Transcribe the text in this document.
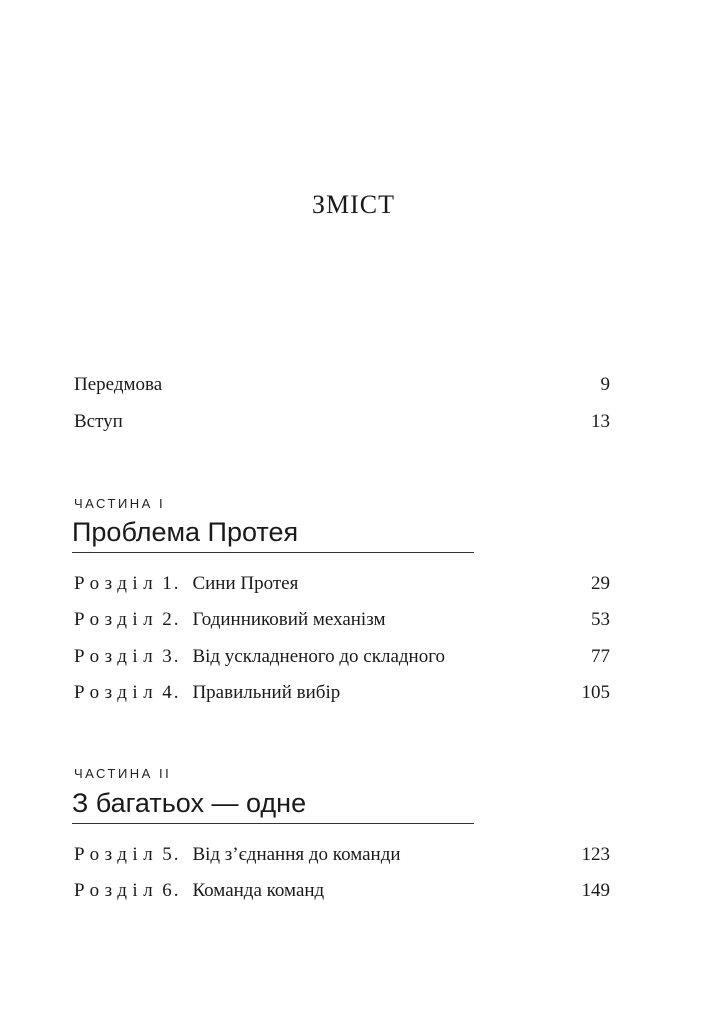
ЗМІСТ
Передмова	9
Вступ	13
ЧАСТИНА I
Проблема Протея
Розділ 1. Сини Протея	29
Розділ 2. Годинниковий механізм	53
Розділ 3. Від ускладненого до складного	77
Розділ 4. Правильний вибір	105
ЧАСТИНА II
З багатьох — одне
Розділ 5. Від з’єднання до команди	123
Розділ 6. Команда команд	149
